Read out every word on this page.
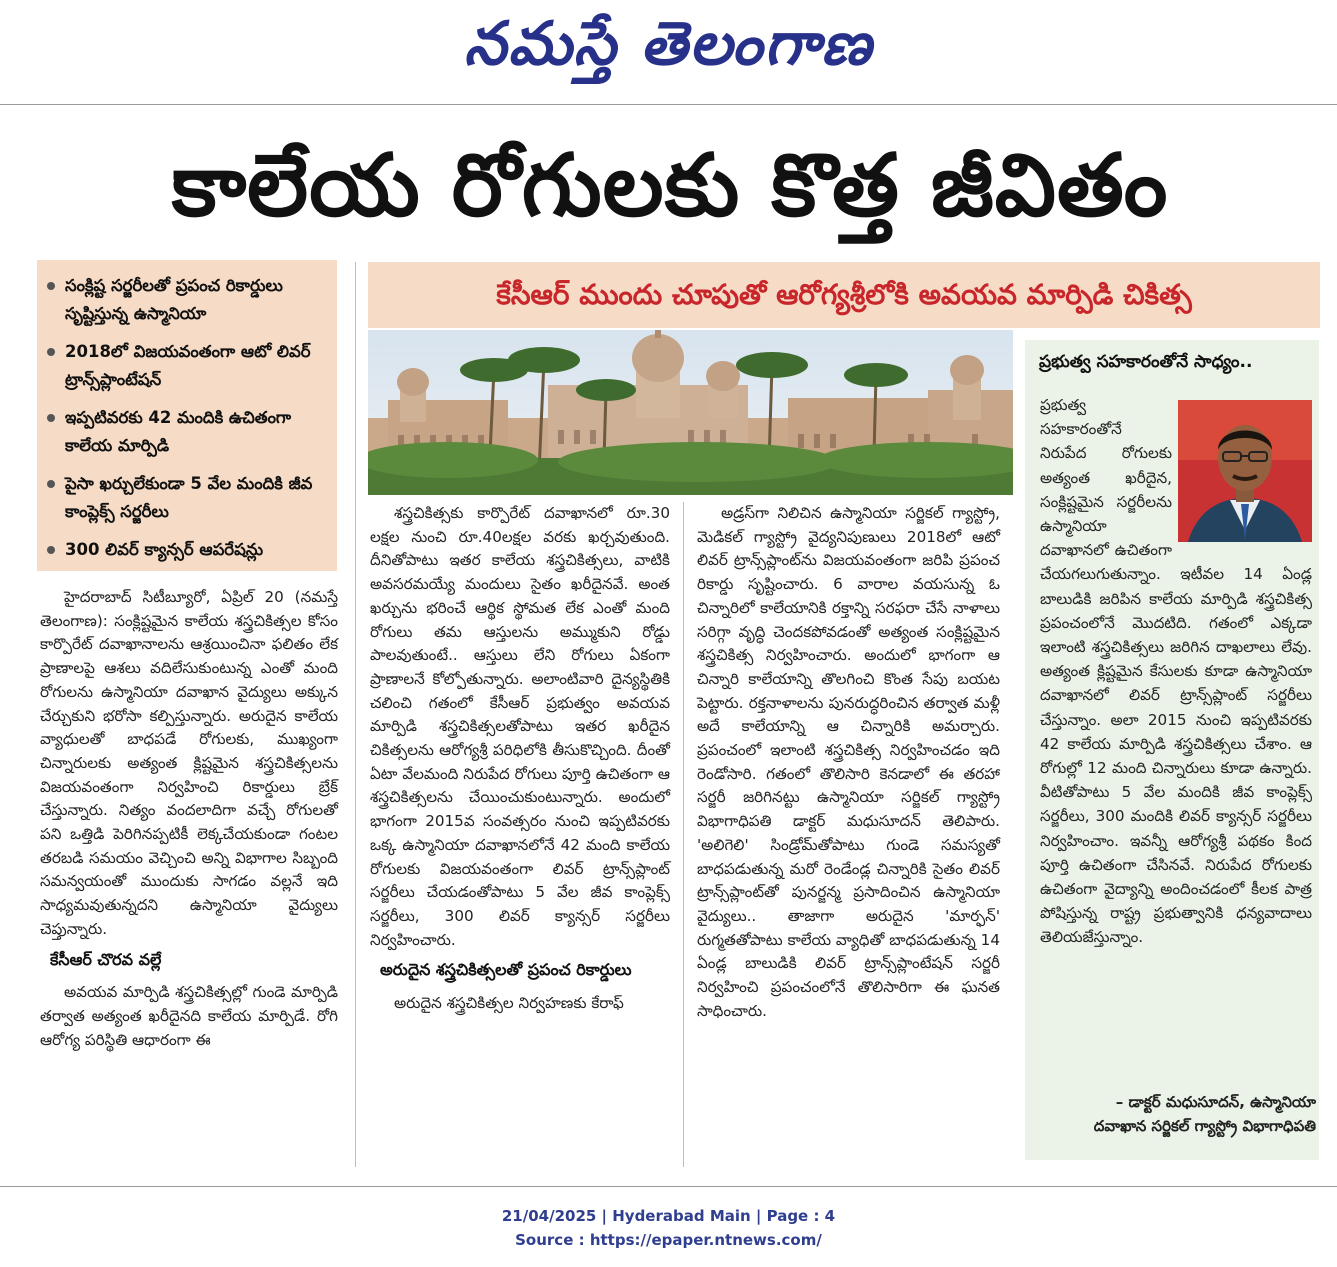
నమస్తే తెలంగాణ
కాలేయ రోగులకు కొత్త జీవితం
సంక్లిష్ట సర్జరీలతో ప్రపంచ రికార్డులు సృష్టిస్తున్న ఉస్మానియా
2018లో విజయవంతంగా ఆటో లివర్ ట్రాన్స్‌ప్లాంటేషన్
ఇప్పటివరకు 42 మందికి ఉచితంగా కాలేయ మార్పిడి
పైసా ఖర్చులేకుండా 5 వేల మందికి జీవ కాంప్లెక్స్ సర్జరీలు
300 లివర్ క్యాన్సర్ ఆపరేషన్లు
కేసీఆర్ ముందు చూపుతో ఆరోగ్యశ్రీలోకి అవయవ మార్పిడి చికిత్స

హైదరాబాద్ సిటీబ్యూరో, ఏప్రిల్ 20 (నమస్తే తెలంగాణ): సంక్లిష్టమైన కాలేయ శస్త్రచికిత్సల కోసం కార్పొరేట్ దవాఖానాలను ఆశ్రయించినా ఫలితం లేక ప్రాణాలపై ఆశలు వదిలేసుకుంటున్న ఎంతో మంది రోగులను ఉస్మానియా దవాఖాన వైద్యులు అక్కున చేర్చుకుని భరోసా కల్పిస్తున్నారు. అరుదైన కాలేయ వ్యాధులతో బాధపడే రోగులకు, ముఖ్యంగా చిన్నారులకు అత్యంత క్లిష్టమైన శస్త్రచికిత్సలను విజయవంతంగా నిర్వహించి రికార్డులు బ్రేక్ చేస్తున్నారు. నిత్యం వందలాదిగా వచ్చే రోగులతో పని ఒత్తిడి పెరిగినప్పటికీ లెక్కచేయకుండా గంటల తరబడి సమయం వెచ్చించి అన్ని విభాగాల సిబ్బంది సమన్వయంతో ముందుకు సాగడం వల్లనే ఇది సాధ్యమవుతున్నదని ఉస్మానియా వైద్యులు చెప్తున్నారు.

కేసీఆర్ చొరవ వల్లే

అవయవ మార్పిడి శస్త్రచికిత్సల్లో గుండె మార్పిడి తర్వాత అత్యంత ఖరీదైనది కాలేయ మార్పిడే. రోగి ఆరోగ్య పరిస్థితి ఆధారంగా ఈ

శస్త్రచికిత్సకు కార్పొరేట్ దవాఖానలో రూ.30 లక్షల నుంచి రూ.40లక్షల వరకు ఖర్చవుతుంది. దీనితోపాటు ఇతర కాలేయ శస్త్రచికిత్సలు, వాటికి అవసరమయ్యే మందులు సైతం ఖరీదైనవే. అంత ఖర్చును భరించే ఆర్థిక స్థోమత లేక ఎంతో మంది రోగులు తమ ఆస్తులను అమ్ముకుని రోడ్డు పాలవుతుంటే.. ఆస్తులు లేని రోగులు ఏకంగా ప్రాణాలనే కోల్పోతున్నారు. అలాంటివారి దైన్యస్థితికి చలించి గతంలో కేసీఆర్ ప్రభుత్వం అవయవ మార్పిడి శస్త్రచికిత్సలతోపాటు ఇతర ఖరీదైన చికిత్సలను ఆరోగ్యశ్రీ పరిధిలోకి తీసుకొచ్చింది. దీంతో ఏటా వేలమంది నిరుపేద రోగులు పూర్తి ఉచితంగా ఆ శస్త్రచికిత్సలను చేయించుకుంటున్నారు. అందులో భాగంగా 2015వ సంవత్సరం నుంచి ఇప్పటివరకు ఒక్క ఉస్మానియా దవాఖానలోనే 42 మంది కాలేయ రోగులకు విజయవంతంగా లివర్ ట్రాన్స్‌ప్లాంట్ సర్జరీలు చేయడంతోపాటు 5 వేల జీవ కాంప్లెక్స్ సర్జరీలు, 300 లివర్ క్యాన్సర్ సర్జరీలు నిర్వహించారు.

అరుదైన శస్త్రచికిత్సలతో ప్రపంచ రికార్డులు

అరుదైన శస్త్రచికిత్సల నిర్వహణకు కేరాఫ్

అడ్రస్‌గా నిలిచిన ఉస్మానియా సర్జికల్ గ్యాస్ట్రో, మెడికల్ గ్యాస్ట్రో వైద్యనిపుణులు 2018లో ఆటో లివర్ ట్రాన్స్‌ప్లాంట్‌ను విజయవంతంగా జరిపి ప్రపంచ రికార్డు సృష్టించారు. 6 వారాల వయసున్న ఓ చిన్నారిలో కాలేయానికి రక్తాన్ని సరఫరా చేసే నాళాలు సరిగ్గా వృద్ధి చెందకపోవడంతో అత్యంత సంక్లిష్టమైన శస్త్రచికిత్స నిర్వహించారు. అందులో భాగంగా ఆ చిన్నారి కాలేయాన్ని తొలగించి కొంత సేపు బయట పెట్టారు. రక్తనాళాలను పునరుద్ధరించిన తర్వాత మళ్లీ అదే కాలేయాన్ని ఆ చిన్నారికి అమర్చారు. ప్రపంచంలో ఇలాంటి శస్త్రచికిత్స నిర్వహించడం ఇది రెండోసారి. గతంలో తొలిసారి కెనడాలో ఈ తరహా సర్జరీ జరిగినట్టు ఉస్మానియా సర్జికల్ గ్యాస్ట్రో విభాగాధిపతి డాక్టర్ మధుసూదన్ తెలిపారు. 'అలిగెలి' సిండ్రోమ్‌తోపాటు గుండె సమస్యతో బాధపడుతున్న మరో రెండేండ్ల చిన్నారికి సైతం లివర్ ట్రాన్స్‌ప్లాంట్‌తో పునర్జన్మ ప్రసాదించిన ఉస్మానియా వైద్యులు.. తాజాగా అరుదైన 'మార్ఫన్' రుగ్మతతోపాటు కాలేయ వ్యాధితో బాధపడుతున్న 14 ఏండ్ల బాలుడికి లివర్ ట్రాన్స్‌ప్లాంటేషన్ సర్జరీ నిర్వహించి ప్రపంచంలోనే తొలిసారిగా ఈ ఘనత సాధించారు.

ప్రభుత్వ సహకారంతోనే సాధ్యం..

ప్రభుత్వ సహకారంతోనే నిరుపేద రోగులకు అత్యంత ఖరీదైన, సంక్లిష్టమైన సర్జరీలను ఉస్మానియా దవాఖానలో ఉచితంగా చేయగలుగుతున్నాం. ఇటీవల 14 ఏండ్ల బాలుడికి జరిపిన కాలేయ మార్పిడి శస్త్రచికిత్స ప్రపంచంలోనే మొదటిది. గతంలో ఎక్కడా ఇలాంటి శస్త్రచికిత్సలు జరిగిన దాఖలాలు లేవు. అత్యంత క్లిష్టమైన కేసులకు కూడా ఉస్మానియా దవాఖానలో లివర్ ట్రాన్స్‌ప్లాంట్ సర్జరీలు చేస్తున్నాం. అలా 2015 నుంచి ఇప్పటివరకు 42 కాలేయ మార్పిడి శస్త్రచికిత్సలు చేశాం. ఆ రోగుల్లో 12 మంది చిన్నారులు కూడా ఉన్నారు. వీటితోపాటు 5 వేల మందికి జీవ కాంప్లెక్స్ సర్జరీలు, 300 మందికి లివర్ క్యాన్సర్ సర్జరీలు నిర్వహించాం. ఇవన్నీ ఆరోగ్యశ్రీ పథకం కింద పూర్తి ఉచితంగా చేసినవే. నిరుపేద రోగులకు ఉచితంగా వైద్యాన్ని అందించడంలో కీలక పాత్ర పోషిస్తున్న రాష్ట్ర ప్రభుత్వానికి ధన్యవాదాలు తెలియజేస్తున్నాం.

– డాక్టర్ మధుసూదన్, ఉస్మానియా
దవాఖాన సర్జికల్ గ్యాస్ట్రో విభాగాధిపతి
21/04/2025 | Hyderabad Main | Page : 4
Source : https://epaper.ntnews.com/
